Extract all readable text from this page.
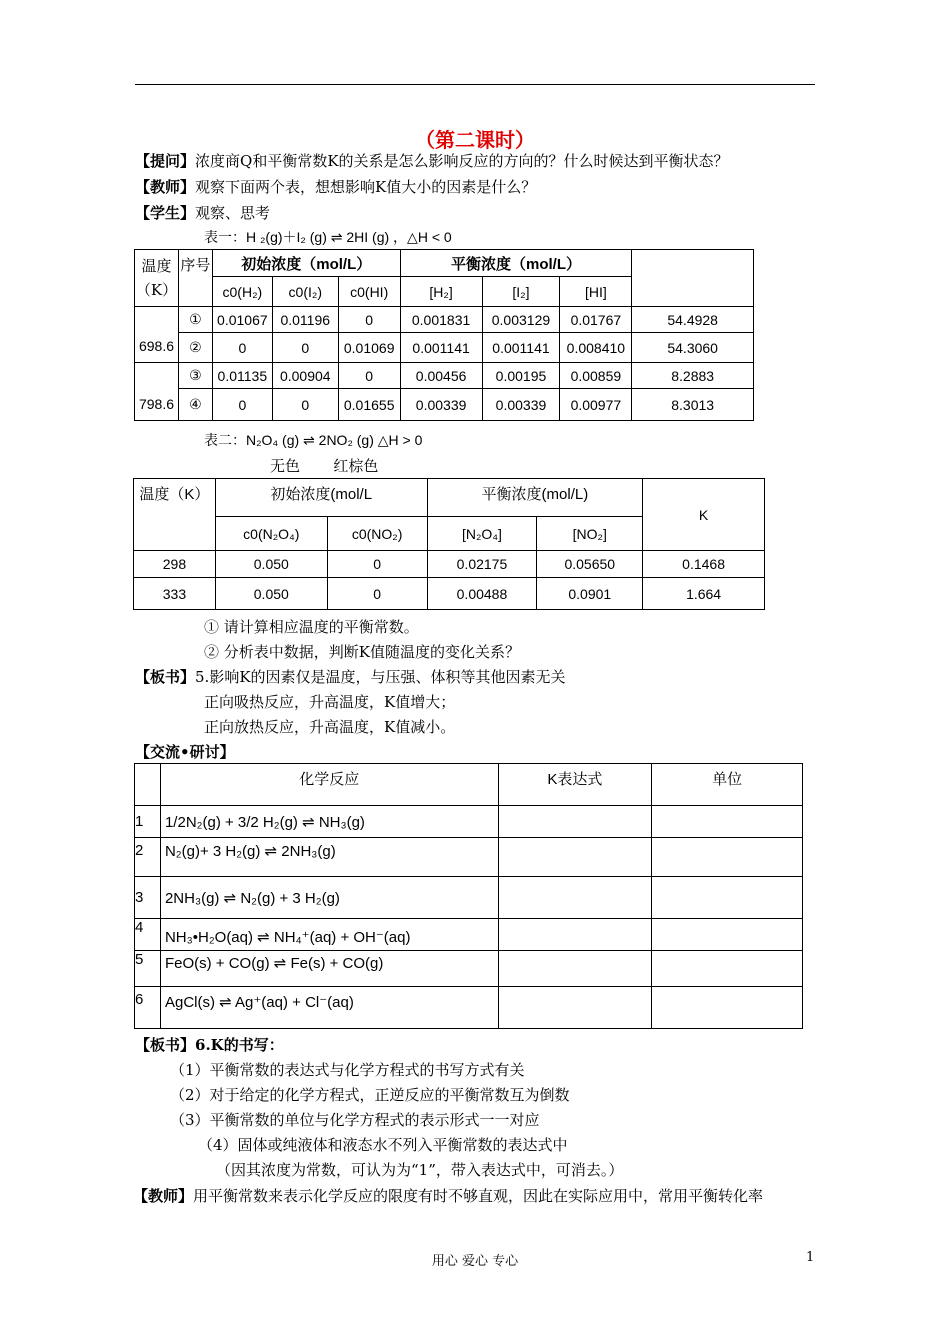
（第二课时）
【提问】浓度商Q和平衡常数K的关系是怎么影响反应的方向的？什么时候达到平衡状态？
【教师】观察下面两个表，想想影响K值大小的因素是什么？
【学生】观察、思考
表一：H ₂(g)＋I₂ (g) ⇌ 2HI (g) ，△H < 0
温度（K）	序号	初始浓度（mol/L）			平衡浓度（mol/L）			
		c0(H₂)	c0(I₂)	c0(HI)	[H₂]	[I₂]	[HI]	
698.6	①	0.01067	0.01196	0	0.001831	0.003129	0.01767	54.4928
	②	0	0	0.01069	0.001141	0.001141	0.008410	54.3060
798.6	③	0.01135	0.00904	0	0.00456	0.00195	0.00859	8.2883
	④	0	0	0.01655	0.00339	0.00339	0.00977	8.3013
表二：N₂O₄ (g) ⇌ 2NO₂ (g) △H > 0
无色       红棕色
温度（K）	初始浓度(mol/L		平衡浓度(mol/L)		K
	c0(N₂O₄)	c0(NO₂)	[N₂O₄]	[NO₂]	
298	0.050	0	0.02175	0.05650	0.1468
333	0.050	0	0.00488	0.0901	1.664
① 请计算相应温度的平衡常数。
② 分析表中数据，判断K值随温度的变化关系？
【板书】5.影响K的因素仅是温度，与压强、体积等其他因素无关
正向吸热反应，升高温度，K值增大；
正向放热反应，升高温度，K值减小。
【交流•研讨】
	化学反应	K表达式	单位
1	1/2N₂(g) + 3/2 H₂(g) ⇌ NH₃(g)		
2	N₂(g)+ 3 H₂(g) ⇌ 2NH₃(g)		
3	2NH₃(g) ⇌ N₂(g) + 3 H₂(g)		
4	NH₃•H₂O(aq) ⇌ NH₄⁺(aq) + OH⁻(aq)		
5	FeO(s) + CO(g) ⇌ Fe(s) + CO(g)		
6	AgCl(s) ⇌ Ag⁺(aq) + Cl⁻(aq)		
【板书】6.K的书写：
（1）平衡常数的表达式与化学方程式的书写方式有关
（2）对于给定的化学方程式，正逆反应的平衡常数互为倒数
（3）平衡常数的单位与化学方程式的表示形式一一对应
（4）固体或纯液体和液态水不列入平衡常数的表达式中
（因其浓度为常数，可认为为“1”，带入表达式中，可消去。）
【教师】用平衡常数来表示化学反应的限度有时不够直观，因此在实际应用中，常用平衡转化率
用心 爱心 专心	1
